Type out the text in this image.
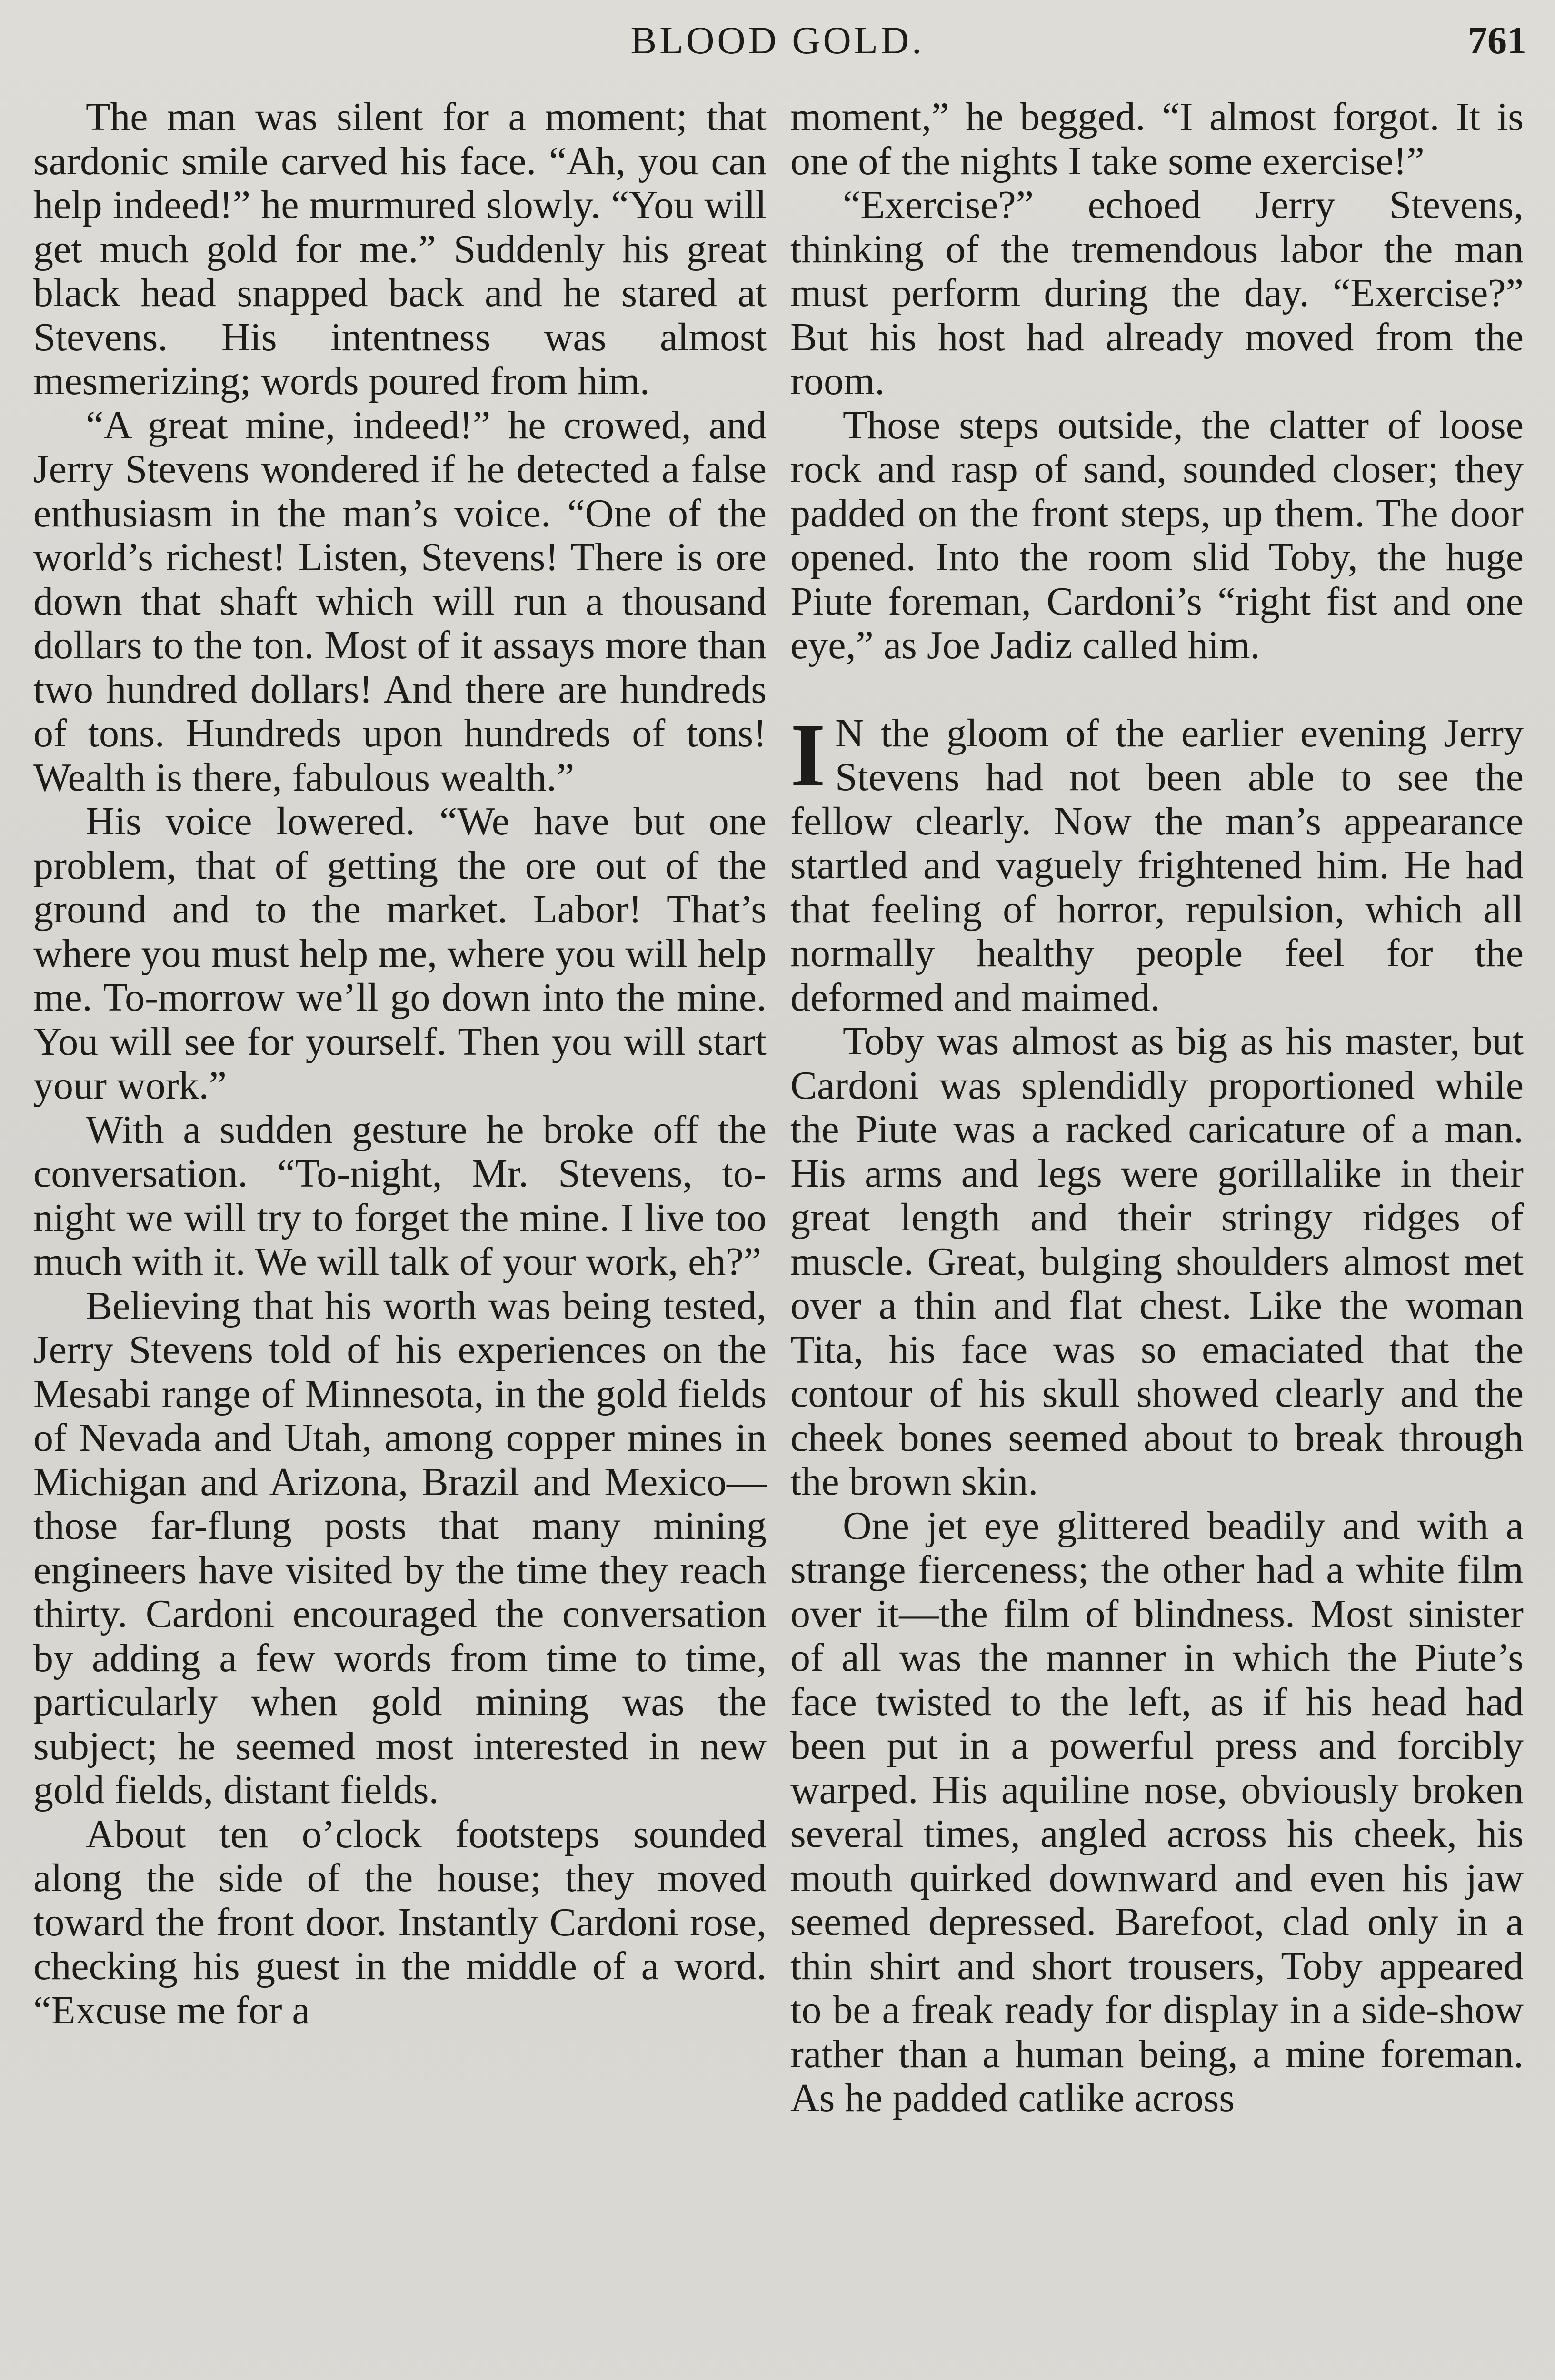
BLOOD GOLD.	761

The man was silent for a moment; that sardonic smile carved his face. “Ah, you can help indeed!” he murmured slowly. “You will get much gold for me.” Suddenly his great black head snapped back and he stared at Stevens. His intentness was almost mesmerizing; words poured from him.

“A great mine, indeed!” he crowed, and Jerry Stevens wondered if he detected a false enthusiasm in the man’s voice. “One of the world’s richest! Listen, Stevens! There is ore down that shaft which will run a thousand dollars to the ton. Most of it assays more than two hundred dollars! And there are hundreds of tons. Hundreds upon hundreds of tons! Wealth is there, fabulous wealth.”

His voice lowered. “We have but one problem, that of getting the ore out of the ground and to the market. Labor! That’s where you must help me, where you will help me. To-morrow we’ll go down into the mine. You will see for yourself. Then you will start your work.”

With a sudden gesture he broke off the conversation. “To-night, Mr. Stevens, to-night we will try to forget the mine. I live too much with it. We will talk of your work, eh?”

Believing that his worth was being tested, Jerry Stevens told of his experiences on the Mesabi range of Minnesota, in the gold fields of Nevada and Utah, among copper mines in Michigan and Arizona, Brazil and Mexico—those far-flung posts that many mining engineers have visited by the time they reach thirty. Cardoni encouraged the conversation by adding a few words from time to time, particularly when gold mining was the subject; he seemed most interested in new gold fields, distant fields.

About ten o’clock footsteps sounded along the side of the house; they moved toward the front door. Instantly Cardoni rose, checking his guest in the middle of a word. “Excuse me for a

moment,” he begged. “I almost forgot. It is one of the nights I take some exercise!”

“Exercise?” echoed Jerry Stevens, thinking of the tremendous labor the man must perform during the day. “Exercise?” But his host had already moved from the room.

Those steps outside, the clatter of loose rock and rasp of sand, sounded closer; they padded on the front steps, up them. The door opened. Into the room slid Toby, the huge Piute foreman, Cardoni’s “right fist and one eye,” as Joe Jadiz called him.

I N the gloom of the earlier evening Jerry Stevens had not been able to see the fellow clearly. Now the man’s appearance startled and vaguely frightened him. He had that feeling of horror, repulsion, which all normally healthy people feel for the deformed and maimed.

Toby was almost as big as his master, but Cardoni was splendidly proportioned while the Piute was a racked caricature of a man. His arms and legs were gorillalike in their great length and their stringy ridges of muscle. Great, bulging shoulders almost met over a thin and flat chest. Like the woman Tita, his face was so emaciated that the contour of his skull showed clearly and the cheek bones seemed about to break through the brown skin.

One jet eye glittered beadily and with a strange fierceness; the other had a white film over it—the film of blindness. Most sinister of all was the manner in which the Piute’s face twisted to the left, as if his head had been put in a powerful press and forcibly warped. His aquiline nose, obviously broken several times, angled across his cheek, his mouth quirked downward and even his jaw seemed depressed. Barefoot, clad only in a thin shirt and short trousers, Toby appeared to be a freak ready for display in a side-show rather than a human being, a mine foreman. As he padded catlike across
